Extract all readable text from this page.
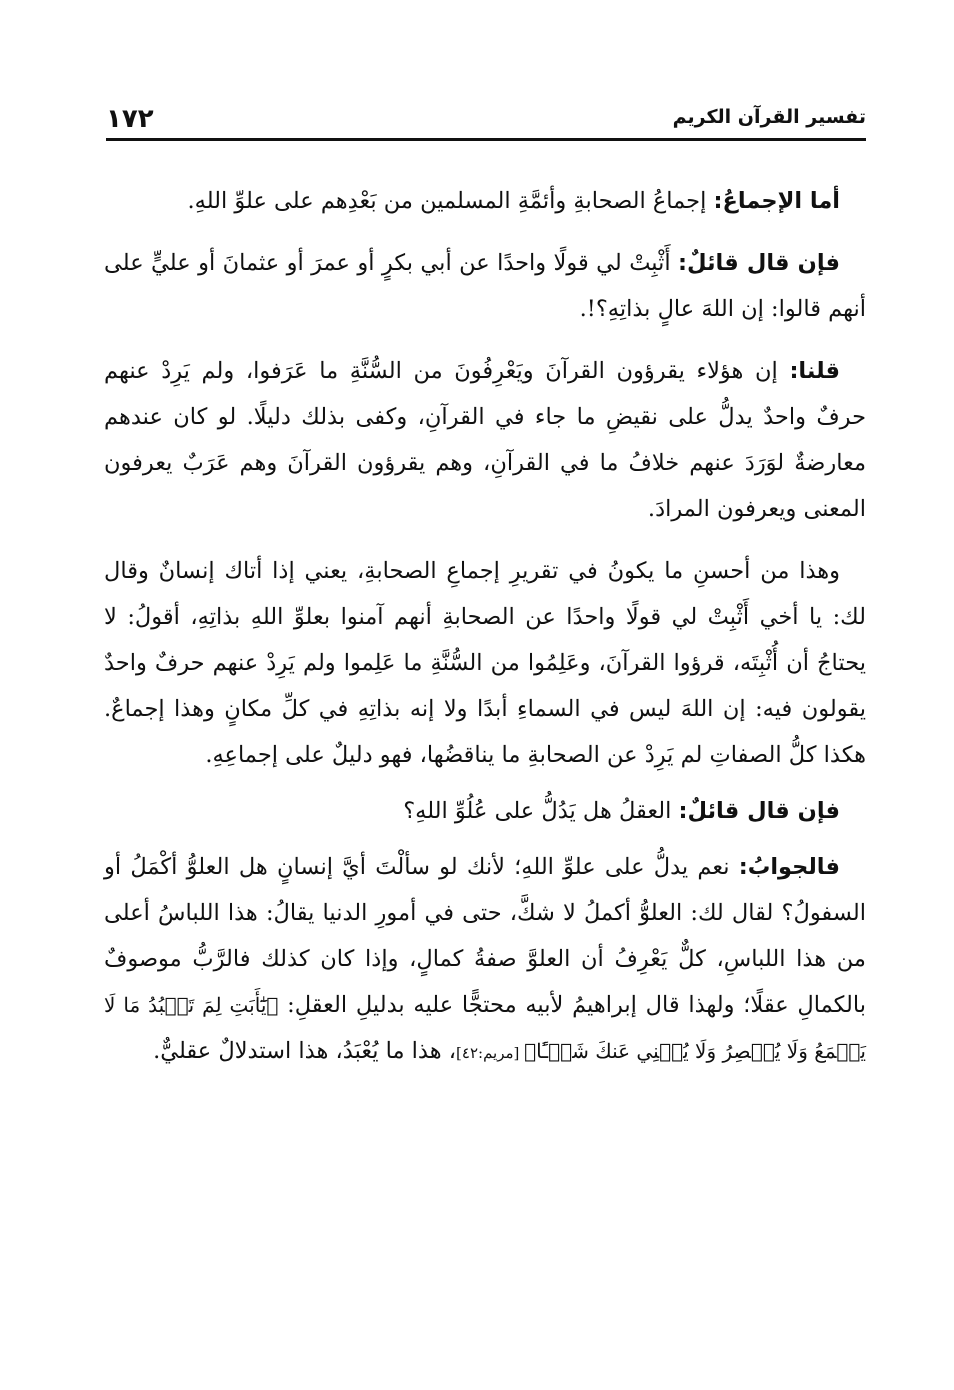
١٧٢	تفسير القرآن الكريم

أما الإجماعُ: إجماعُ الصحابةِ وأئمَّةِ المسلمين من بَعْدِهم على علوِّ اللهِ.

فإن قال قائلٌ: أَثْبِتْ لي قولًا واحدًا عن أبي بكرٍ أو عمرَ أو عثمانَ أو عليٍّ على أنهم قالوا: إن اللهَ عالٍ بذاتِهِ؟!.

قلنا: إن هؤلاء يقرؤون القرآنَ ويَعْرِفُونَ من السُّنَّةِ ما عَرَفوا، ولم يَرِدْ عنهم حرفٌ واحدٌ يدلُّ على نقيضِ ما جاء في القرآنِ، وكفى بذلك دليلًا. لو كان عندهم معارضةٌ لوَرَدَ عنهم خلافُ ما في القرآنِ، وهم يقرؤون القرآنَ وهم عَرَبٌ يعرفون المعنى ويعرفون المرادَ.

وهذا من أحسنِ ما يكونُ في تقريرِ إجماعِ الصحابةِ، يعني إذا أتاك إنسانٌ وقال لك: يا أخي أَثْبِتْ لي قولًا واحدًا عن الصحابةِ أنهم آمنوا بعلوِّ اللهِ بذاتِهِ، أقولُ: لا يحتاجُ أن أُثْبِتَه، قرؤوا القرآنَ، وعَلِمُوا من السُّنَّةِ ما عَلِموا ولم يَرِدْ عنهم حرفٌ واحدٌ يقولون فيه: إن اللهَ ليس في السماءِ أبدًا ولا إنه بذاتِهِ في كلِّ مكانٍ وهذا إجماعٌ. هكذا كلُّ الصفاتِ لم يَرِدْ عن الصحابةِ ما يناقضُها، فهو دليلٌ على إجماعِهِ.

فإن قال قائلٌ: العقلُ هل يَدُلُّ على عُلُوِّ اللهِ؟

فالجوابُ: نعم يدلُّ على علوِّ اللهِ؛ لأنك لو سألْتَ أيَّ إنسانٍ هل العلوُّ أكْمَلُ أو السفولُ؟ لقال لك: العلوُّ أكملُ لا شكَّ، حتى في أمورِ الدنيا يقالُ: هذا اللباسُ أعلى من هذا اللباسِ، كلٌّ يَعْرِفُ أن العلوَّ صفةُ كمالٍ، وإذا كان كذلك فالرَّبُّ موصوفٌ بالكمالِ عقلًا؛ ولهذا قال إبراهيمُ لأبيه محتجًّا عليه بدليلِ العقلِ: ﴿يَٰٓأَبَتِ لِمَ تَعۡبُدُ مَا لَا يَسۡمَعُ وَلَا يُبۡصِرُ وَلَا يُغۡنِي عَنكَ شَيۡـًٔا﴾ [مريم:٤٢]، هذا ما يُعْبَدُ، هذا استدلالٌ عقليٌّ.
